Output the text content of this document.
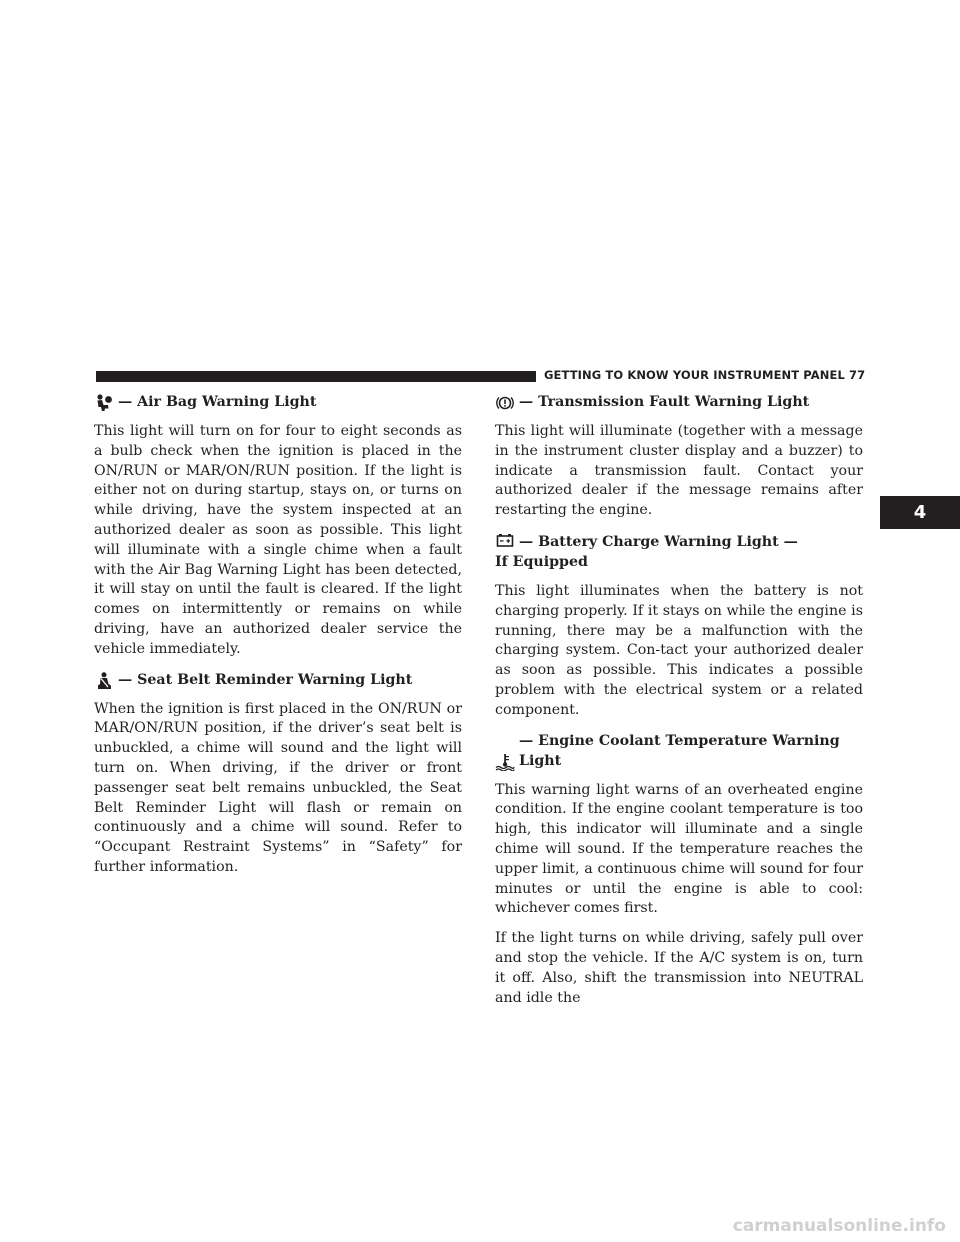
GETTING TO KNOW YOUR INSTRUMENT PANEL 77
4
— Air Bag Warning Light

This light will turn on for four to eight seconds as a bulb check when the ignition is placed in the ON/RUN or MAR/ON/RUN position. If the light is either not on during startup, stays on, or turns on while driving, have the system inspected at an authorized dealer as soon as possible. This light will illuminate with a single chime when a fault with the Air Bag Warning Light has been detected, it will stay on until the fault is cleared. If the light comes on intermittently or remains on while driving, have an authorized dealer service the vehicle immediately.

— Seat Belt Reminder Warning Light

When the ignition is first placed in the ON/RUN or MAR/ON/RUN position, if the driver’s seat belt is unbuckled, a chime will sound and the light will turn on. When driving, if the driver or front passenger seat belt remains unbuckled, the Seat Belt Reminder Light will flash or remain on continuously and a chime will sound. Refer to “Occupant Restraint Systems” in “Safety” for further information.

— Transmission Fault Warning Light

This light will illuminate (together with a message in the instrument cluster display and a buzzer) to indicate a transmission fault. Contact your authorized dealer if the message remains after restarting the engine.

— Battery Charge Warning Light —
If Equipped

This light illuminates when the battery is not charging properly. If it stays on while the engine is running, there may be a malfunction with the charging system. Con-tact your authorized dealer as soon as possible. This indicates a possible problem with the electrical system or a related component.

— Engine Coolant Temperature Warning Light

This warning light warns of an overheated engine condition. If the engine coolant temperature is too high, this indicator will illuminate and a single chime will sound. If the temperature reaches the upper limit, a continuous chime will sound for four minutes or until the engine is able to cool: whichever comes first.

If the light turns on while driving, safely pull over and stop the vehicle. If the A/C system is on, turn it off. Also, shift the transmission into NEUTRAL and idle the

carmanualsonline.info
